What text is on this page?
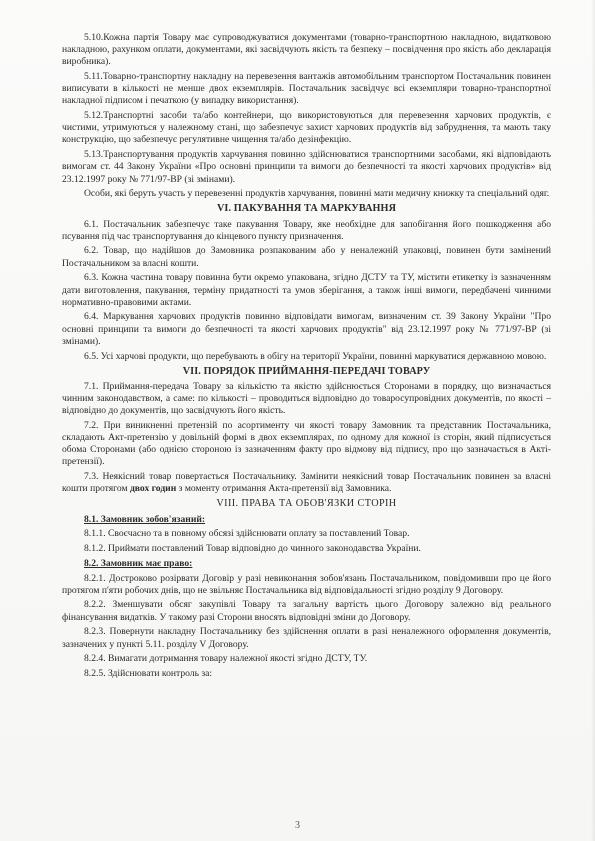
5.10.Кожна партія Товару має супроводжуватися документами (товарно-транспортною накладною, видатковою накладною, рахунком оплати, документами, які засвідчують якість та безпеку – посвідчення про якість або декларація виробника).

5.11.Товарно-транспортну накладну на перевезення вантажів автомобільним транспортом Постачальник повинен виписувати в кількості не менше двох екземплярів. Постачальник засвідчує всі екземпляри товарно-транспортної накладної підписом і печаткою (у випадку використання).

5.12.Транспортні засоби та/або контейнери, що використовуються для перевезення харчових продуктів, є чистими, утримуються у належному стані, що забезпечує захист харчових продуктів від забруднення, та мають таку конструкцію, що забезпечує регулятивне чищення та/або дезінфекцію.

5.13.Транспортування продуктів харчування повинно здійснюватися транспортними засобами, які відповідають вимогам ст. 44 Закону України «Про основні принципи та вимоги до безпечності та якості харчових продуктів» від 23.12.1997 року № 771/97-ВР (зі змінами).

Особи, які беруть участь у перевезенні продуктів харчування, повинні мати медичну книжку та спеціальний одяг.

VI. ПАКУВАННЯ ТА МАРКУВАННЯ

6.1. Постачальник забезпечує таке пакування Товару, яке необхідне для запобігання його пошкодження або псування під час транспортування до кінцевого пункту призначення.

6.2. Товар, що надійшов до Замовника розпакованим або у неналежній упаковці, повинен бути замінений Постачальником за власні кошти.

6.3. Кожна частина товару повинна бути окремо упакована, згідно ДСТУ та ТУ, містити етикетку із зазначенням дати виготовлення, пакування, терміну придатності та умов зберігання, а також інші вимоги, передбачені чинними нормативно-правовими актами.

6.4. Маркування харчових продуктів повинно відповідати вимогам, визначеним ст. 39 Закону України "Про основні принципи та вимоги до безпечності та якості харчових продуктів" від 23.12.1997 року № 771/97-ВР (зі змінами).

6.5. Усі харчові продукти, що перебувають в обігу на території України, повинні маркуватися державною мовою.

VII. ПОРЯДОК ПРИЙМАННЯ-ПЕРЕДАЧІ ТОВАРУ

7.1. Приймання-передача Товару за кількістю та якістю здійснюється Сторонами в порядку, що визначається чинним законодавством, а саме: по кількості – проводиться відповідно до товаросупровідних документів, по якості – відповідно до документів, що засвідчують його якість.

7.2. При виникненні претензій по асортименту чи якості товару Замовник та представник Постачальника, складають Акт-претензію у довільній формі в двох екземплярах, по одному для кожної із сторін, який підписується обома Сторонами (або однією стороною із зазначенням факту про відмову від підпису, про що зазначається в Акті-претензії).

7.3. Неякісний товар повертається Постачальнику. Замінити неякісний товар Постачальник повинен за власні кошти протягом двох годин з моменту отримання Акта-претензії від Замовника.

VIII. ПРАВА ТА ОБОВ'ЯЗКИ СТОРІН

8.1. Замовник зобов'язаний:

8.1.1. Своєчасно та в повному обсязі здійснювати оплату за поставлений Товар.

8.1.2. Приймати поставлений Товар відповідно до чинного законодавства України.

8.2. Замовник має право:

8.2.1. Достроково розірвати Договір у разі невиконання зобов'язань Постачальником, повідомивши про це його протягом п'яти робочих днів, що не звільняє Постачальника від відповідальності згідно розділу 9 Договору.

8.2.2. Зменшувати обсяг закупівлі Товару та загальну вартість цього Договору залежно від реального фінансування видатків. У такому разі Сторони вносять відповідні зміни до Договору.

8.2.3. Повернути накладну Постачальнику без здійснення оплати в разі неналежного оформлення документів, зазначених у пункті 5.11. розділу V Договору.

8.2.4. Вимагати дотримання товару належної якості згідно ДСТУ, ТУ.

8.2.5. Здійснювати контроль за:

3
